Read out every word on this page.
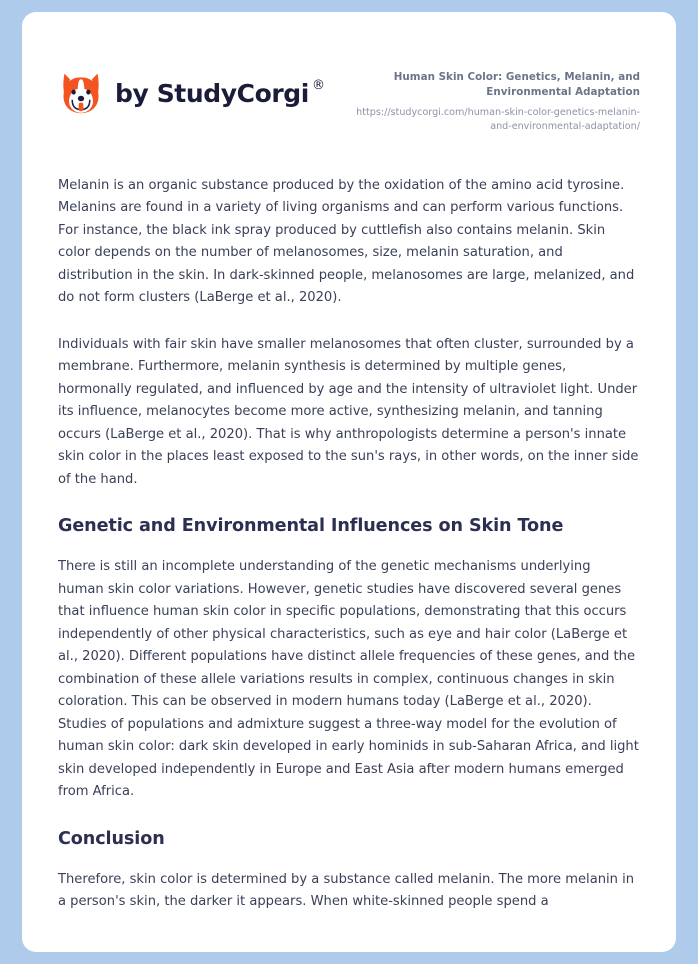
by StudyCorgi ®
Human Skin Color: Genetics, Melanin, and Environmental Adaptation
https://studycorgi.com/human-skin-color-genetics-melanin-and-environmental-adaptation/

Melanin is an organic substance produced by the oxidation of the amino acid tyrosine. Melanins are found in a variety of living organisms and can perform various functions. For instance, the black ink spray produced by cuttlefish also contains melanin. Skin color depends on the number of melanosomes, size, melanin saturation, and distribution in the skin. In dark-skinned people, melanosomes are large, melanized, and do not form clusters (LaBerge et al., 2020).

Individuals with fair skin have smaller melanosomes that often cluster, surrounded by a membrane. Furthermore, melanin synthesis is determined by multiple genes, hormonally regulated, and influenced by age and the intensity of ultraviolet light. Under its influence, melanocytes become more active, synthesizing melanin, and tanning occurs (LaBerge et al., 2020). That is why anthropologists determine a person's innate skin color in the places least exposed to the sun's rays, in other words, on the inner side of the hand.

Genetic and Environmental Influences on Skin Tone

There is still an incomplete understanding of the genetic mechanisms underlying human skin color variations. However, genetic studies have discovered several genes that influence human skin color in specific populations, demonstrating that this occurs independently of other physical characteristics, such as eye and hair color (LaBerge et al., 2020). Different populations have distinct allele frequencies of these genes, and the combination of these allele variations results in complex, continuous changes in skin coloration. This can be observed in modern humans today (LaBerge et al., 2020). Studies of populations and admixture suggest a three-way model for the evolution of human skin color: dark skin developed in early hominids in sub-Saharan Africa, and light skin developed independently in Europe and East Asia after modern humans emerged from Africa.

Conclusion

Therefore, skin color is determined by a substance called melanin. The more melanin in a person's skin, the darker it appears. When white-skinned people spend a
